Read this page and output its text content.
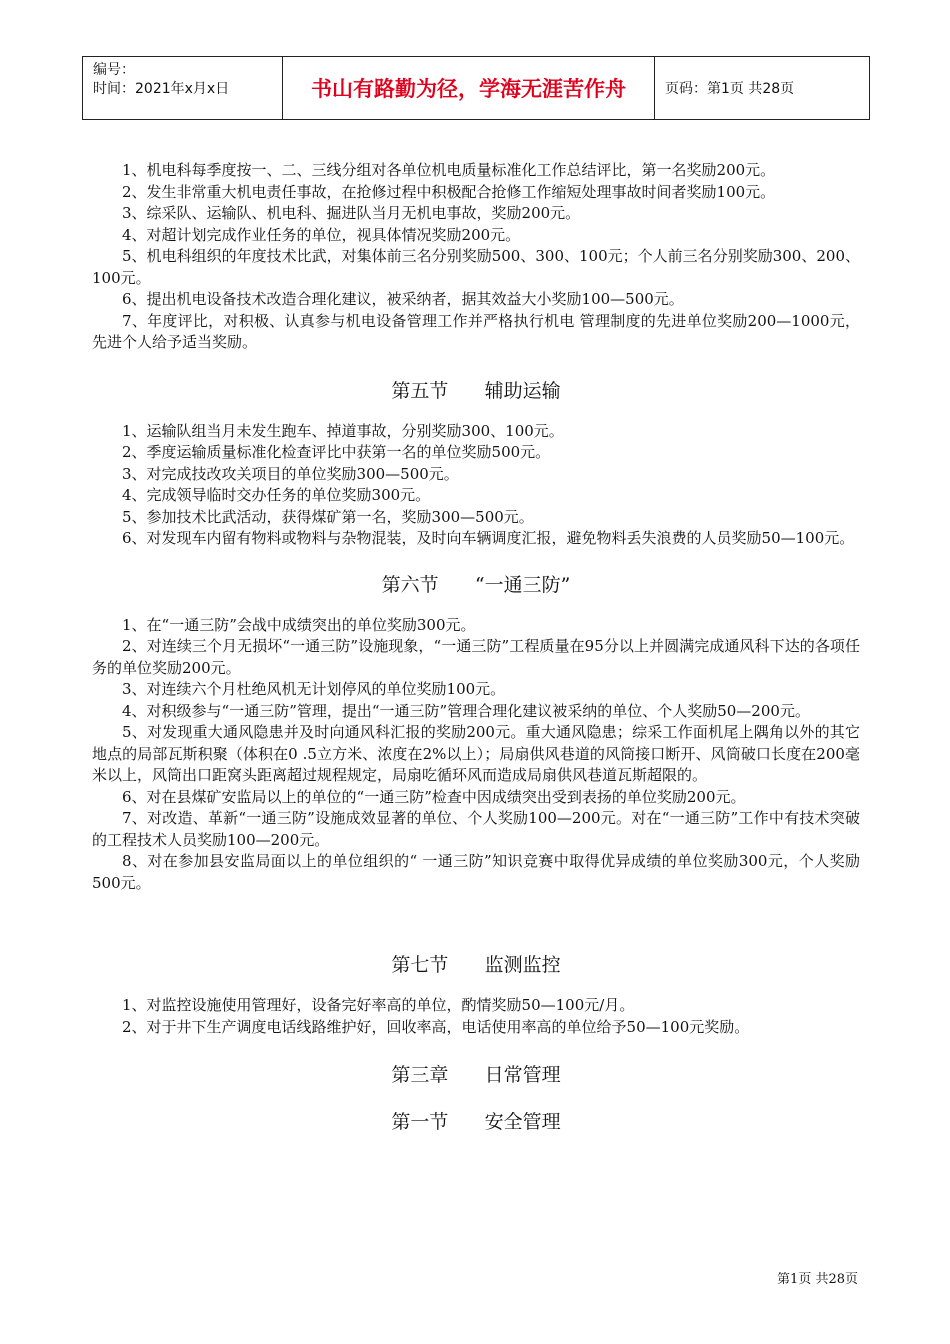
编号：
时间：2021年x月x日	书山有路勤为径，学海无涯苦作舟	页码：第1页 共28页

1、机电科每季度按一、二、三线分组对各单位机电质量标准化工作总结评比，第一名奖励200元。

2、发生非常重大机电责任事故，在抢修过程中积极配合抢修工作缩短处理事故时间者奖励100元。

3、综采队、运输队、机电科、掘进队当月无机电事故，奖励200元。

4、对超计划完成作业任务的单位，视具体情况奖励200元。

5、机电科组织的年度技术比武，对集体前三名分别奖励500、300、100元；个人前三名分别奖励300、200、100元。

6、提出机电设备技术改造合理化建议，被采纳者，据其效益大小奖励100—500元。

7、年度评比，对积极、认真参与机电设备管理工作并严格执行机电 管理制度的先进单位奖励200—1000元，先进个人给予适当奖励。

第五节      辅助运输

1、运输队组当月未发生跑车、掉道事故，分别奖励300、100元。

2、季度运输质量标准化检查评比中获第一名的单位奖励500元。

3、对完成技改攻关项目的单位奖励300—500元。

4、完成领导临时交办任务的单位奖励300元。

5、参加技术比武活动，获得煤矿第一名，奖励300—500元。

6、对发现车内留有物料或物料与杂物混装，及时向车辆调度汇报，避免物料丢失浪费的人员奖励50—100元。

第六节      “一通三防”

1、在“一通三防”会战中成绩突出的单位奖励300元。

2、对连续三个月无损坏“一通三防”设施现象，“一通三防”工程质量在95分以上并圆满完成通风科下达的各项任务的单位奖励200元。

3、对连续六个月杜绝风机无计划停风的单位奖励100元。

4、对积级参与“一通三防”管理，提出“一通三防”管理合理化建议被采纳的单位、个人奖励50—200元。

5、对发现重大通风隐患并及时向通风科汇报的奖励200元。重大通风隐患；综采工作面机尾上隅角以外的其它地点的局部瓦斯积聚（体积在0 .5立方米、浓度在2%以上）；局扇供风巷道的风筒接口断开、风筒破口长度在200毫米以上，风筒出口距窝头距离超过规程规定，局扇吃循环风而造成局扇供风巷道瓦斯超限的。

6、对在县煤矿安监局以上的单位的“一通三防”检查中因成绩突出受到表扬的单位奖励200元。

7、对改造、革新“一通三防”设施成效显著的单位、个人奖励100—200元。对在“一通三防”工作中有技术突破的工程技术人员奖励100—200元。

8、对在参加县安监局面以上的单位组织的“ 一通三防”知识竞赛中取得优异成绩的单位奖励300元，个人奖励500元。

第七节      监测监控

1、对监控设施使用管理好，设备完好率高的单位，酌情奖励50—100元/月。

2、对于井下生产调度电话线路维护好，回收率高，电话使用率高的单位给予50—100元奖励。

第三章      日常管理
第一节      安全管理
第1页 共28页
